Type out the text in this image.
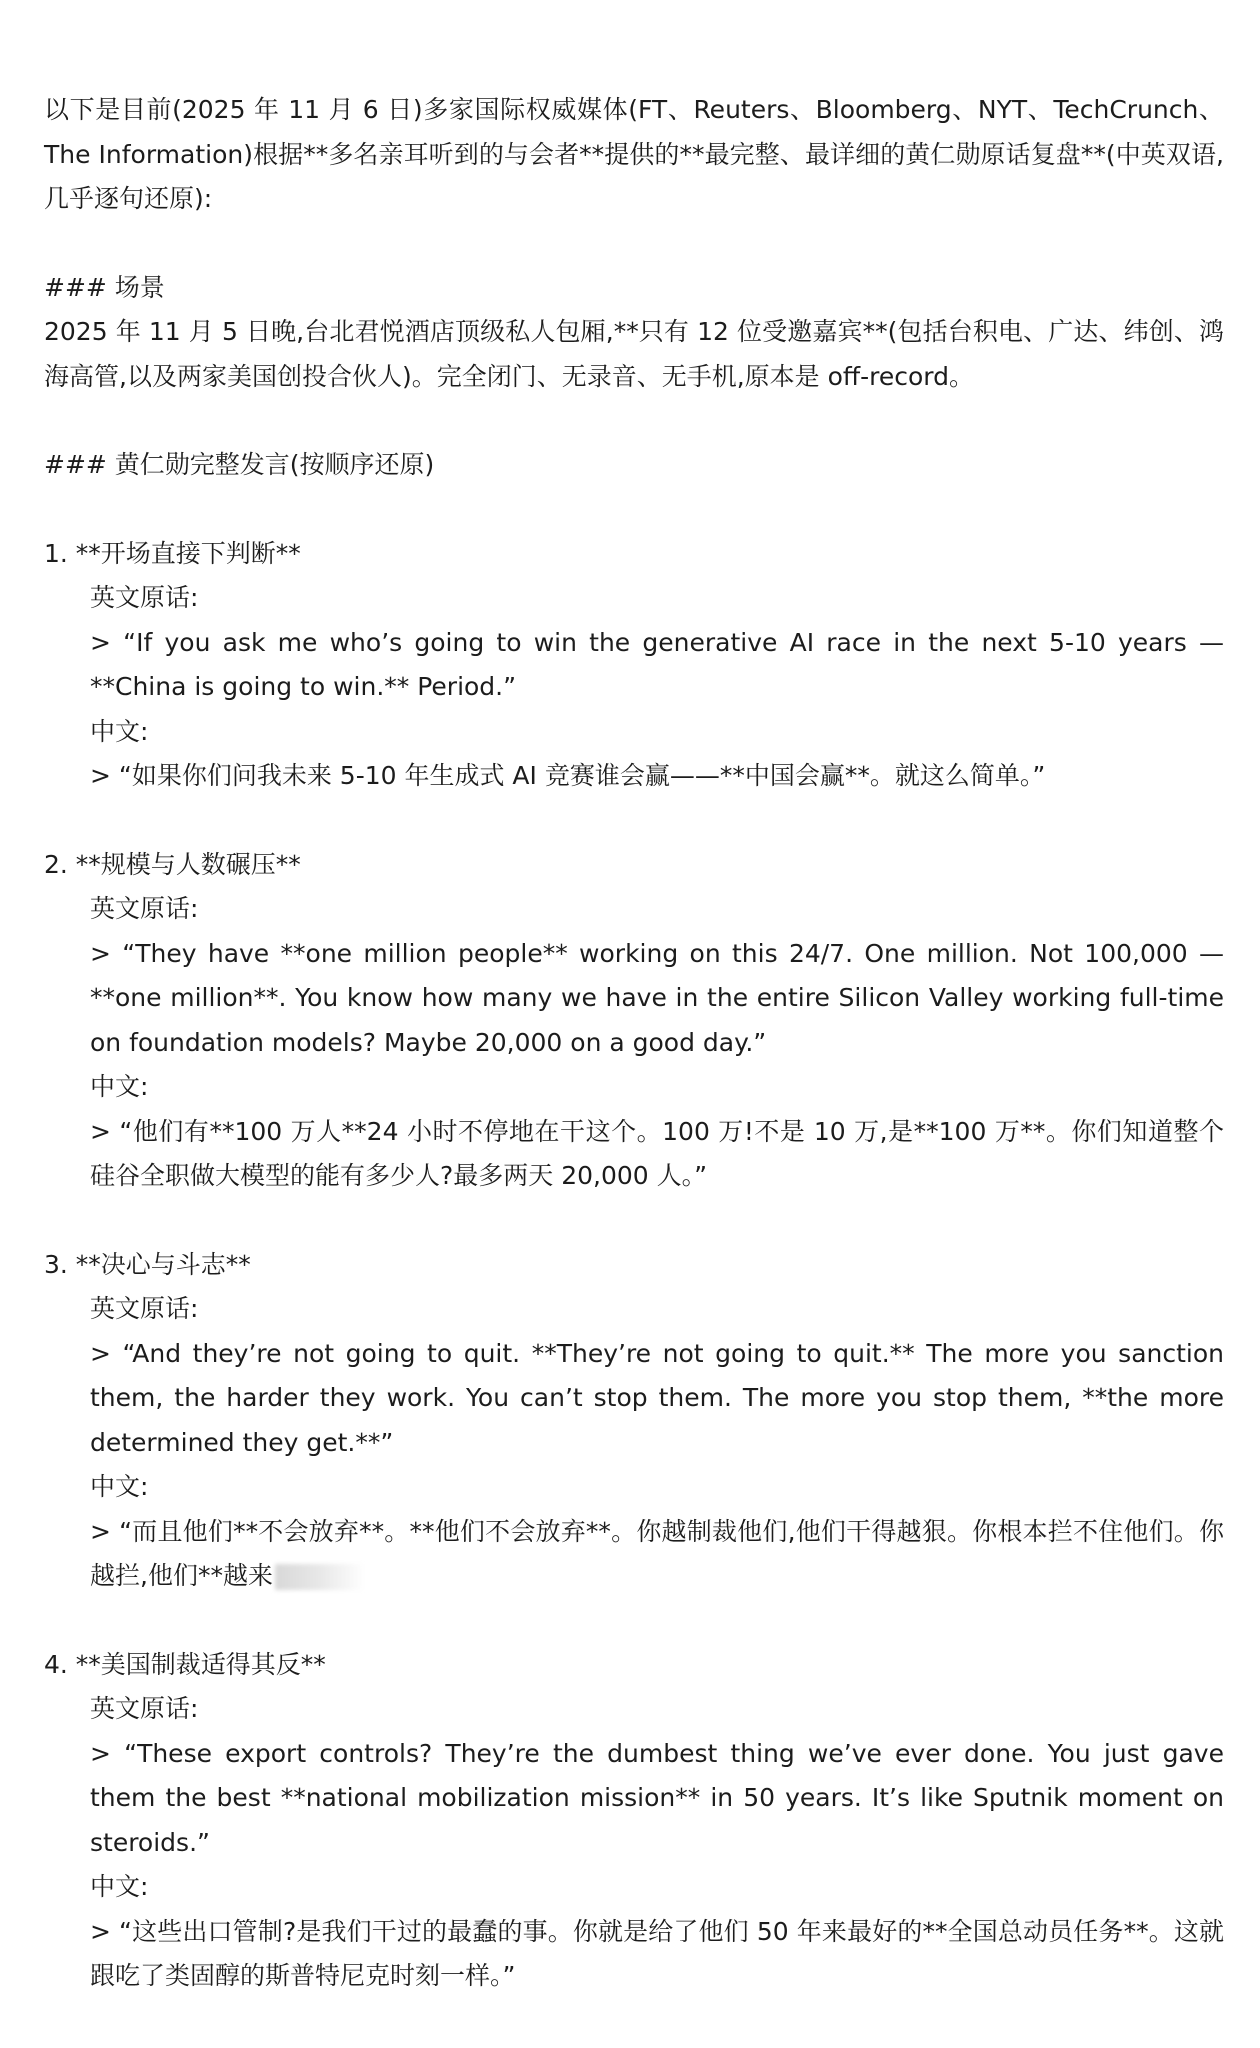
以下是目前(2025 年 11 月 6 日)多家国际权威媒体(FT、Reuters、Bloomberg、NYT、TechCrunch、The Information)根据**多名亲耳听到的与会者**提供的**最完整、最详细的黄仁勋原话复盘**(中英双语,几乎逐句还原):

### 场景

2025 年 11 月 5 日晚,台北君悦酒店顶级私人包厢,**只有 12 位受邀嘉宾**(包括台积电、广达、纬创、鸿海高管,以及两家美国创投合伙人)。完全闭门、无录音、无手机,原本是 off-record。

### 黄仁勋完整发言(按顺序还原)

1. **开场直接下判断**

英文原话:

> “If you ask me who’s going to win the generative AI race in the next 5-10 years — **China is going to win.** Period.”

中文:

> “如果你们问我未来 5-10 年生成式 AI 竞赛谁会赢——**中国会赢**。就这么简单。”

2. **规模与人数碾压**

英文原话:

> “They have **one million people** working on this 24/7. One million. Not 100,000 — **one million**. You know how many we have in the entire Silicon Valley working full-time on foundation models? Maybe 20,000 on a good day.”

中文:

> “他们有**100 万人**24 小时不停地在干这个。100 万!不是 10 万,是**100 万**。你们知道整个硅谷全职做大模型的能有多少人?最多两天 20,000 人。”

3. **决心与斗志**

英文原话:

> “And they’re not going to quit. **They’re not going to quit.** The more you sanction them, the harder they work. You can’t stop them. The more you stop them, **the more determined they get.**”

中文:

> “而且他们**不会放弃**。**他们不会放弃**。你越制裁他们,他们干得越狠。你根本拦不住他们。你越拦,他们**越来

4. **美国制裁适得其反**

英文原话:

> “These export controls? They’re the dumbest thing we’ve ever done. You just gave them the best **national mobilization mission** in 50 years. It’s like Sputnik moment on steroids.”

中文:

> “这些出口管制?是我们干过的最蠢的事。你就是给了他们 50 年来最好的**全国总动员任务**。这就跟吃了类固醇的斯普特尼克时刻一样。”
